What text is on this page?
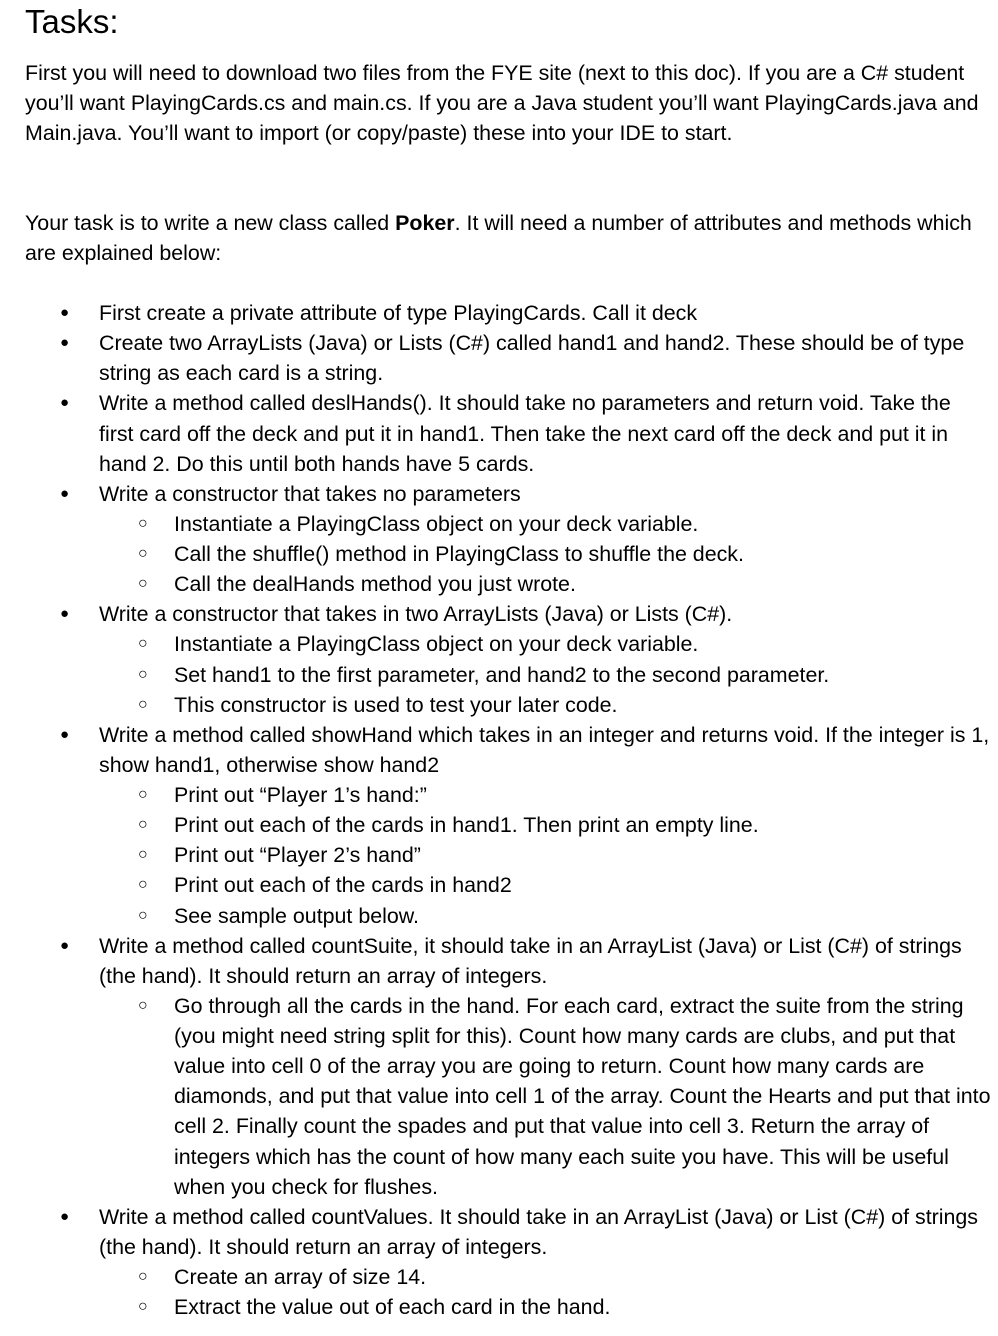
Tasks:

First you will need to download two files from the FYE site (next to this doc). If you are a C# student you’ll want PlayingCards.cs and main.cs. If you are a Java student you’ll want PlayingCards.java and Main.java. You’ll want to import (or copy/paste) these into your IDE to start.

Your task is to write a new class called Poker. It will need a number of attributes and methods which are explained below:

● First create a private attribute of type PlayingCards. Call it deck
● Create two ArrayLists (Java) or Lists (C#) called hand1 and hand2. These should be of type string as each card is a string.
● Write a method called deslHands(). It should take no parameters and return void. Take the first card off the deck and put it in hand1. Then take the next card off the deck and put it in hand 2. Do this until both hands have 5 cards.
● Write a constructor that takes no parameters
○ Instantiate a PlayingClass object on your deck variable.
○ Call the shuffle() method in PlayingClass to shuffle the deck.
○ Call the dealHands method you just wrote.
● Write a constructor that takes in two ArrayLists (Java) or Lists (C#).
○ Instantiate a PlayingClass object on your deck variable.
○ Set hand1 to the first parameter, and hand2 to the second parameter.
○ This constructor is used to test your later code.
● Write a method called showHand which takes in an integer and returns void. If the integer is 1, show hand1, otherwise show hand2
○ Print out “Player 1’s hand:”
○ Print out each of the cards in hand1. Then print an empty line.
○ Print out “Player 2’s hand”
○ Print out each of the cards in hand2
○ See sample output below.
● Write a method called countSuite, it should take in an ArrayList (Java) or List (C#) of strings (the hand). It should return an array of integers.
○ Go through all the cards in the hand. For each card, extract the suite from the string (you might need string split for this). Count how many cards are clubs, and put that value into cell 0 of the array you are going to return. Count how many cards are diamonds, and put that value into cell 1 of the array. Count the Hearts and put that into cell 2. Finally count the spades and put that value into cell 3. Return the array of integers which has the count of how many each suite you have. This will be useful when you check for flushes.
● Write a method called countValues. It should take in an ArrayList (Java) or List (C#) of strings (the hand). It should return an array of integers.
○ Create an array of size 14.
○ Extract the value out of each card in the hand.
